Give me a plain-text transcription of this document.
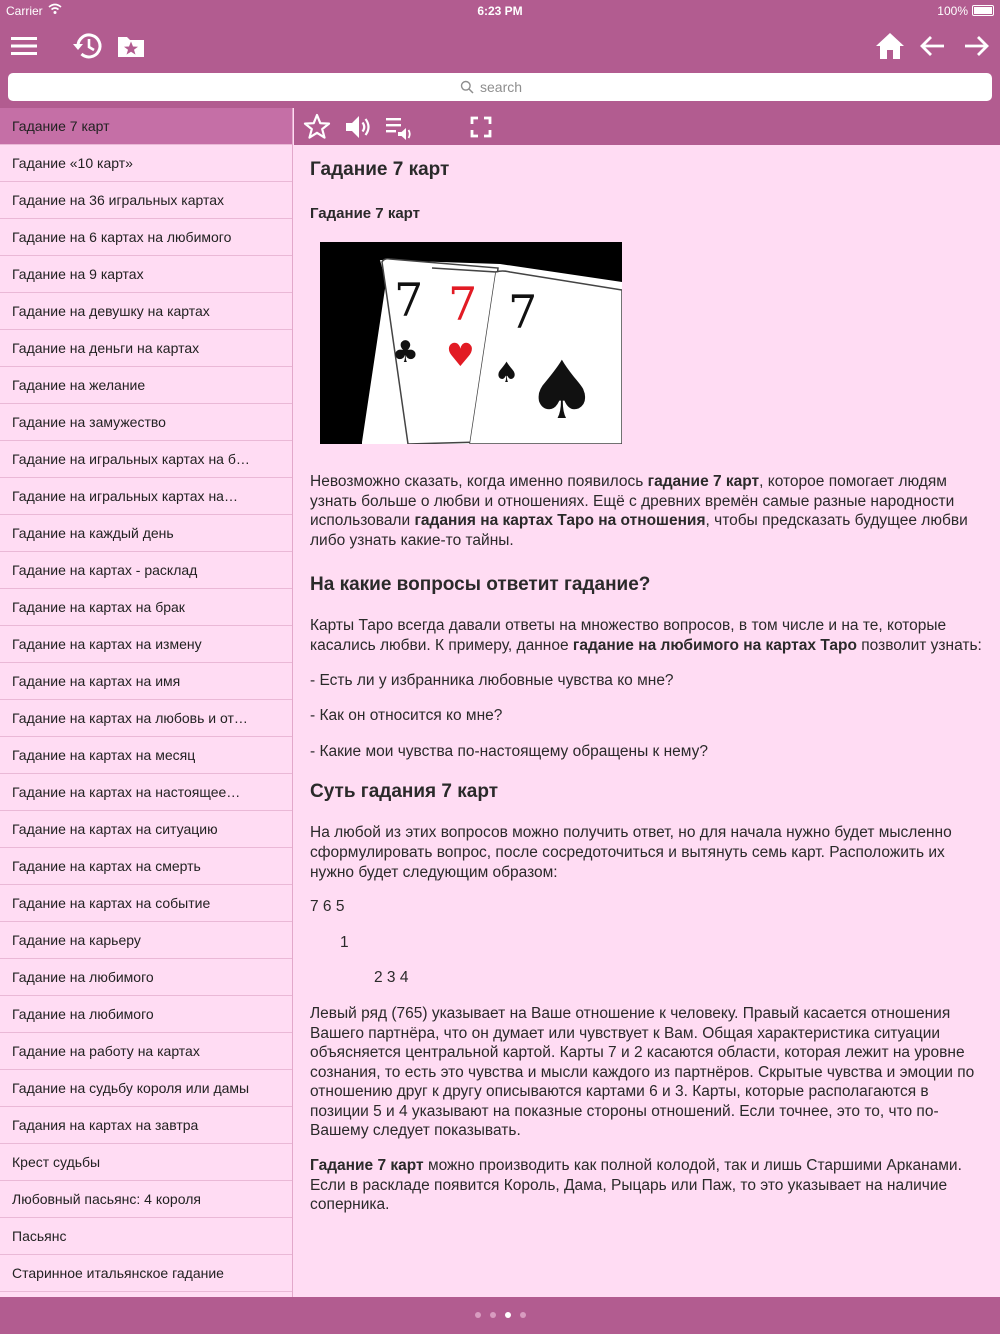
Carrier	6:23 PM	100%
search
Гадание 7 карт
Гадание «10 карт»
Гадание на 36 игральных картах
Гадание на 6 картах на любимого
Гадание на 9 картах
Гадание на девушку на картах
Гадание на деньги на картах
Гадание на желание
Гадание на замужество
Гадание на игральных картах на б…
Гадание на игральных картах на…
Гадание на каждый день
Гадание на картах - расклад
Гадание на картах на брак
Гадание на картах на измену
Гадание на картах на имя
Гадание на картах на любовь и от…
Гадание на картах на месяц
Гадание на картах на настоящее…
Гадание на картах на ситуацию
Гадание на картах на смерть
Гадание на картах на событие
Гадание на карьеру
Гадание на любимого
Гадание на любимого
Гадание на работу на картах
Гадание на судьбу короля или дамы
Гадания на картах на завтра
Крест судьбы
Любовный пасьянс: 4 короля
Пасьянс
Старинное итальянское гадание
Гадание 7 карт
Гадание 7 карт
7 7 7
♣ ♥ ♠ ♠

Невозможно сказать, когда именно появилось гадание 7 карт, которое помогает людям узнать больше о любви и отношениях. Ещё с древних времён самые разные народности использовали гадания на картах Таро на отношения, чтобы предсказать будущее любви либо узнать какие-то тайны.

На какие вопросы ответит гадание?

Карты Таро всегда давали ответы на множество вопросов, в том числе и на те, которые касались любви. К примеру, данное гадание на любимого на картах Таро позволит узнать:

- Есть ли у избранника любовные чувства ко мне?

- Как он относится ко мне?

- Какие мои чувства по-настоящему обращены к нему?

Суть гадания 7 карт

На любой из этих вопросов можно получить ответ, но для начала нужно будет мысленно сформулировать вопрос, после сосредоточиться и вытянуть семь карт. Расположить их нужно будет следующим образом:

7 6 5

1

2 3 4

Левый ряд (765) указывает на Ваше отношение к человеку. Правый касается отношения Вашего партнёра, что он думает или чувствует к Вам. Общая характеристика ситуации объясняется центральной картой. Карты 7 и 2 касаются области, которая лежит на уровне сознания, то есть это чувства и мысли каждого из партнёров. Скрытые чувства и эмоции по отношению друг к другу описываются картами 6 и 3. Карты, которые располагаются в позиции 5 и 4 указывают на показные стороны отношений. Если точнее, это то, что по-Вашему следует показывать.

Гадание 7 карт можно производить как полной колодой, так и лишь Старшими Арканами. Если в раскладе появится Король, Дама, Рыцарь или Паж, то это указывает на наличие соперника.
